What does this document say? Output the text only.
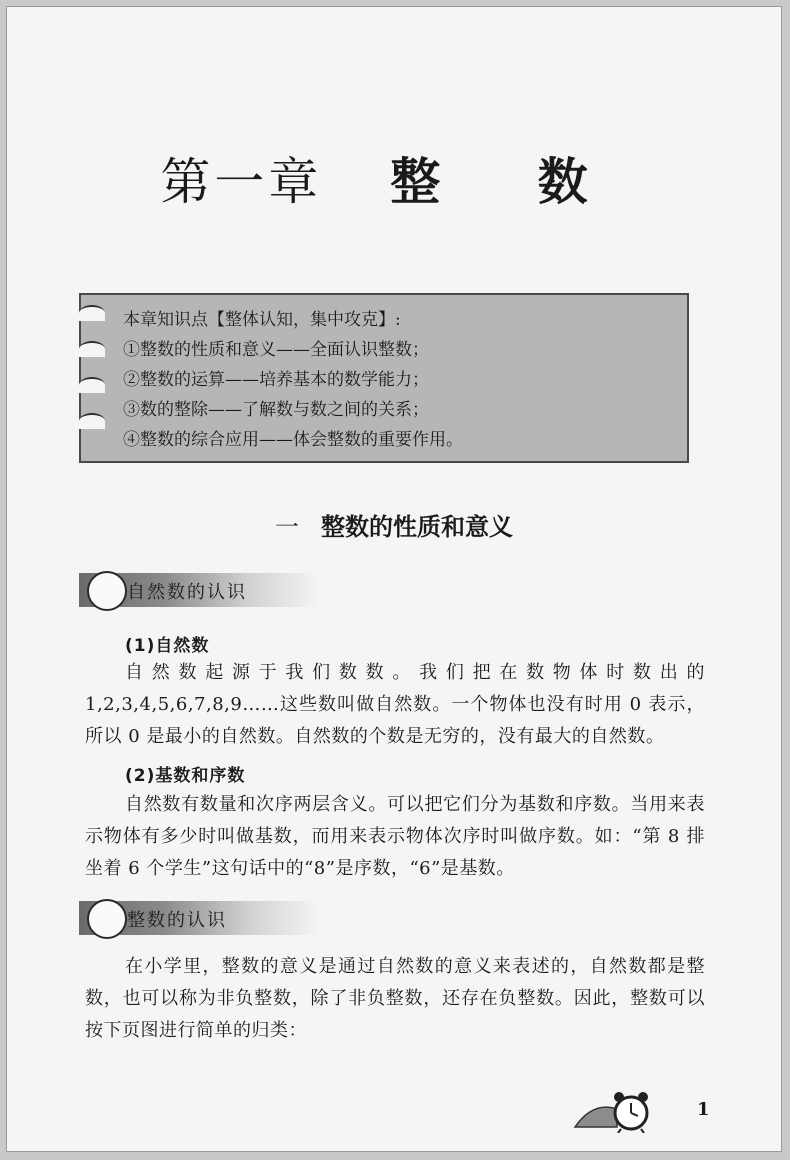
第一章 整 数
本章知识点【整体认知，集中攻克】:
①整数的性质和意义——全面认识整数；
②整数的运算——培养基本的数学能力；
③数的整除——了解数与数之间的关系；
④整数的综合应用——体会整数的重要作用。
一 整数的性质和意义
自然数的认识
(1)自然数
自然数起源于我们数数。我们把在数物体时数出的 1,2,3,4,5,6,7,8,9……这些数叫做自然数。一个物体也没有时用 0 表示，所以 0 是最小的自然数。自然数的个数是无穷的，没有最大的自然数。
(2)基数和序数
自然数有数量和次序两层含义。可以把它们分为基数和序数。当用来表示物体有多少时叫做基数，而用来表示物体次序时叫做序数。如：“第 8 排坐着 6 个学生”这句话中的“8”是序数，“6”是基数。
整数的认识
在小学里，整数的意义是通过自然数的意义来表述的，自然数都是整数，也可以称为非负整数，除了非负整数，还存在负整数。因此，整数可以按下页图进行简单的归类：
1
